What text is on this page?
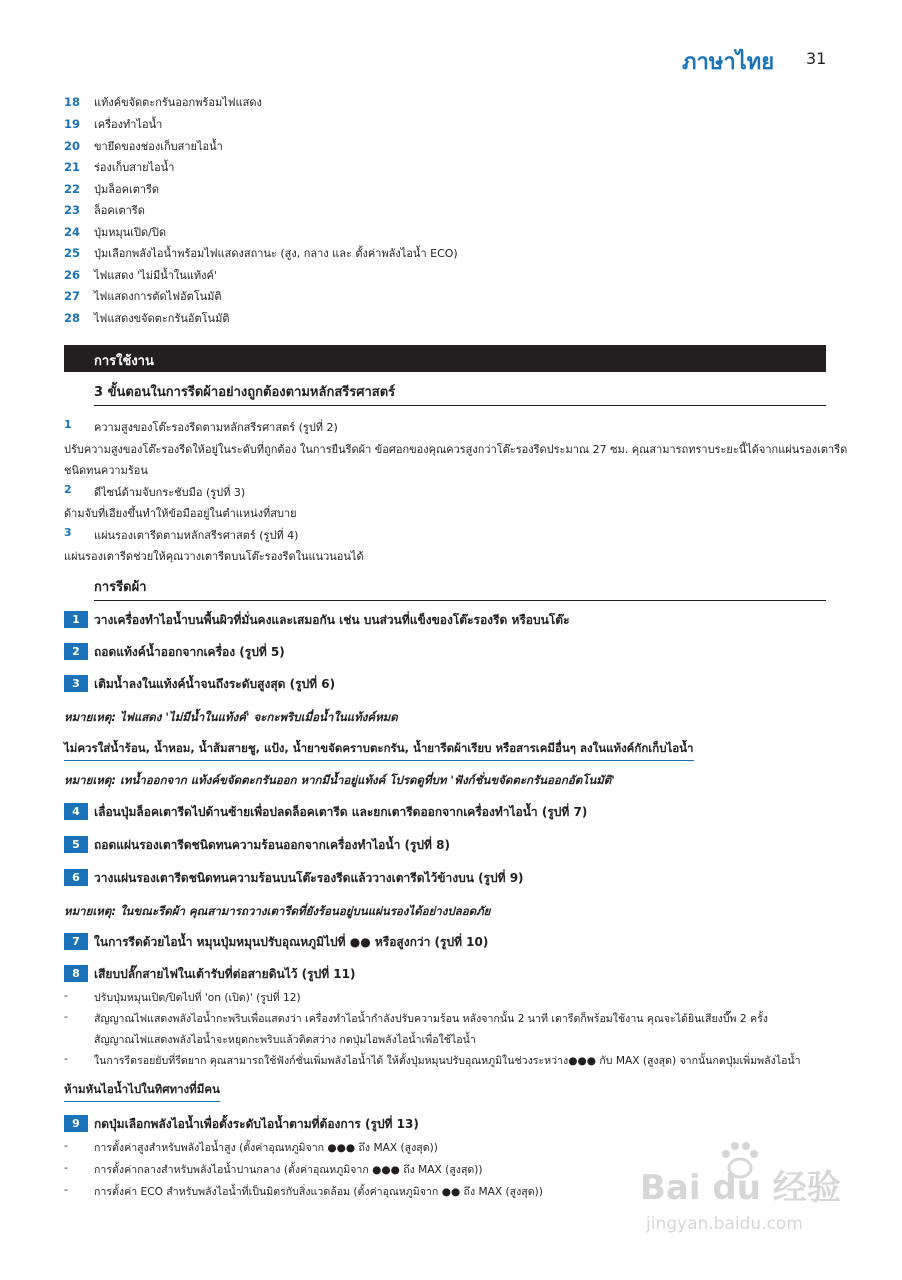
ภาษาไทย 31
18	แท้งค์ขจัดตะกรันออกพร้อมไฟแสดง
19	เครื่องทำไอน้ำ
20	ขายึดของช่องเก็บสายไอน้ำ
21	ร่องเก็บสายไอน้ำ
22	ปุ่มล็อคเตารีด
23	ล็อคเตารีด
24	ปุ่มหมุนเปิด/ปิด
25	ปุ่มเลือกพลังไอน้ำพร้อมไฟแสดงสถานะ (สูง, กลาง และ ตั้งค่าพลังไอน้ำ ECO)
26	ไฟแสดง 'ไม่มีน้ำในแท้งค์'
27	ไฟแสดงการตัดไฟอัตโนมัติ
28	ไฟแสดงขจัดตะกรันอัตโนมัติ
การใช้งาน
3 ขั้นตอนในการรีดผ้าอย่างถูกต้องตามหลักสรีรศาสตร์
1 ความสูงของโต๊ะรองรีดตามหลักสรีรศาสตร์ (รูปที่ 2)
ปรับความสูงของโต๊ะรองรีดให้อยู่ในระดับที่ถูกต้อง ในการยืนรีดผ้า ข้อศอกของคุณควรสูงกว่าโต๊ะรองรีดประมาณ 27 ซม. คุณสามารถทราบระยะนี้ได้จากแผ่นรองเตารีด
ชนิดทนความร้อน
2 ดีไซน์ด้ามจับกระชับมือ (รูปที่ 3)
ด้ามจับที่เอียงขึ้นทำให้ข้อมืออยู่ในตำแหน่งที่สบาย
3 แผ่นรองเตารีดตามหลักสรีรศาสตร์ (รูปที่ 4)
แผ่นรองเตารีดช่วยให้คุณวางเตารีดบนโต๊ะรองรีดในแนวนอนได้
การรีดผ้า
1	วางเครื่องทำไอน้ำบนพื้นผิวที่มั่นคงและเสมอกัน เช่น บนส่วนที่แข็งของโต๊ะรองรีด หรือบนโต๊ะ
2	ถอดแท้งค์น้ำออกจากเครื่อง (รูปที่ 5)
3	เติมน้ำลงในแท้งค์น้ำจนถึงระดับสูงสุด (รูปที่ 6)
หมายเหตุ: ไฟแสดง 'ไม่มีน้ำในแท้งค์' จะกะพริบเมื่อน้ำในแท้งค์หมด
ไม่ควรใส่น้ำร้อน, น้ำหอม, น้ำส้มสายชู, แป้ง, น้ำยาขจัดคราบตะกรัน, น้ำยารีดผ้าเรียบ หรือสารเคมีอื่นๆ ลงในแท้งค์กักเก็บไอน้ำ
หมายเหตุ: เทน้ำออกจาก แท้งค์ขจัดตะกรันออก หากมีน้ำอยู่แท้งค์ โปรดดูที่บท 'ฟังก์ชั่นขจัดตะกรันออกอัตโนมัติ'
4	เลื่อนปุ่มล็อคเตารีดไปด้านซ้ายเพื่อปลดล็อคเตารีด และยกเตารีดออกจากเครื่องทำไอน้ำ (รูปที่ 7)
5	ถอดแผ่นรองเตารีดชนิดทนความร้อนออกจากเครื่องทำไอน้ำ (รูปที่ 8)
6	วางแผ่นรองเตารีดชนิดทนความร้อนบนโต๊ะรองรีดแล้ววางเตารีดไว้ข้างบน (รูปที่ 9)
หมายเหตุ: ในขณะรีดผ้า คุณสามารถวางเตารีดที่ยังร้อนอยู่บนแผ่นรองได้อย่างปลอดภัย
7	ในการรีดด้วยไอน้ำ หมุนปุ่มหมุนปรับอุณหภูมิไปที่ ●● หรือสูงกว่า (รูปที่ 10)
8	เสียบปลั๊กสายไฟในเต้ารับที่ต่อสายดินไว้ (รูปที่ 11)
- ปรับปุ่มหมุนเปิด/ปิดไปที่ 'on (เปิด)' (รูปที่ 12)
- สัญญาณไฟแสดงพลังไอน้ำกะพริบเพื่อแสดงว่า เครื่องทำไอน้ำกำลังปรับความร้อน หลังจากนั้น 2 นาที เตารีดก็พร้อมใช้งาน คุณจะได้ยินเสียงบี๊พ 2 ครั้ง
สัญญาณไฟแสดงพลังไอน้ำจะหยุดกะพริบแล้วติดสว่าง กดปุ่มไอพลังไอน้ำเพื่อใช้ไอน้ำ
- ในการรีดรอยยับที่รีดยาก คุณสามารถใช้ฟังก์ชั่นเพิ่มพลังไอน้ำได้ ให้ตั้งปุ่มหมุนปรับอุณหภูมิในช่วงระหว่าง●●● กับ MAX (สูงสุด) จากนั้นกดปุ่มเพิ่มพลังไอน้ำ
ห้ามหันไอน้ำไปในทิศทางที่มีคน
9	กดปุ่มเลือกพลังไอน้ำเพื่อตั้งระดับไอน้ำตามที่ต้องการ (รูปที่ 13)
- การตั้งค่าสูงสำหรับพลังไอน้ำสูง (ตั้งค่าอุณหภูมิจาก ●●● ถึง MAX (สูงสุด))
- การตั้งค่ากลางสำหรับพลังไอน้ำปานกลาง (ตั้งค่าอุณหภูมิจาก ●●● ถึง MAX (สูงสุด))
- การตั้งค่า ECO สำหรับพลังไอน้ำที่เป็นมิตรกับสิ่งแวดล้อม (ตั้งค่าอุณหภูมิจาก ●● ถึง MAX (สูงสุด))	Bai du 经验
jingyan.baidu.com
